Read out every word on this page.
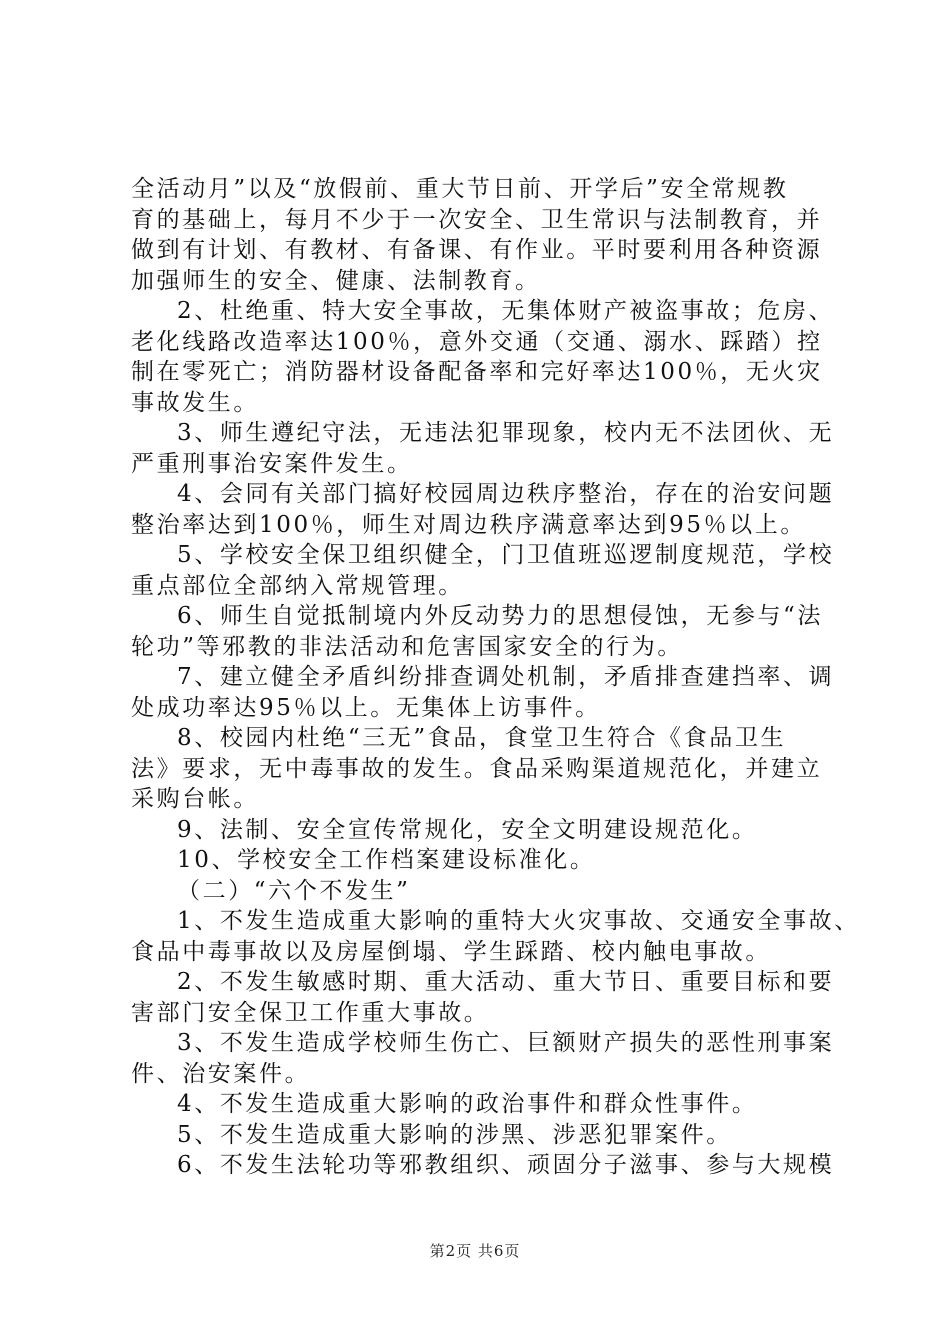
全活动月”以及“放假前、重大节日前、开学后”安全常规教
育的基础上，每月不少于一次安全、卫生常识与法制教育，并
做到有计划、有教材、有备课、有作业。平时要利用各种资源
加强师生的安全、健康、法制教育。
2、杜绝重、特大安全事故，无集体财产被盗事故；危房、
老化线路改造率达100％，意外交通（交通、溺水、踩踏）控
制在零死亡；消防器材设备配备率和完好率达100％，无火灾
事故发生。
3、师生遵纪守法，无违法犯罪现象，校内无不法团伙、无
严重刑事治安案件发生。
4、会同有关部门搞好校园周边秩序整治，存在的治安问题
整治率达到100％，师生对周边秩序满意率达到95％以上。
5、学校安全保卫组织健全，门卫值班巡逻制度规范，学校
重点部位全部纳入常规管理。
6、师生自觉抵制境内外反动势力的思想侵蚀，无参与“法
轮功”等邪教的非法活动和危害国家安全的行为。
7、建立健全矛盾纠纷排查调处机制，矛盾排查建挡率、调
处成功率达95％以上。无集体上访事件。
8、校园内杜绝“三无”食品，食堂卫生符合《食品卫生
法》要求，无中毒事故的发生。食品采购渠道规范化，并建立
采购台帐。
9、法制、安全宣传常规化，安全文明建设规范化。
10、学校安全工作档案建设标准化。
（二）“六个不发生”
1、不发生造成重大影响的重特大火灾事故、交通安全事故、
食品中毒事故以及房屋倒塌、学生踩踏、校内触电事故。
2、不发生敏感时期、重大活动、重大节日、重要目标和要
害部门安全保卫工作重大事故。
3、不发生造成学校师生伤亡、巨额财产损失的恶性刑事案
件、治安案件。
4、不发生造成重大影响的政治事件和群众性事件。
5、不发生造成重大影响的涉黑、涉恶犯罪案件。
6、不发生法轮功等邪教组织、顽固分子滋事、参与大规模
第2页 共6页
